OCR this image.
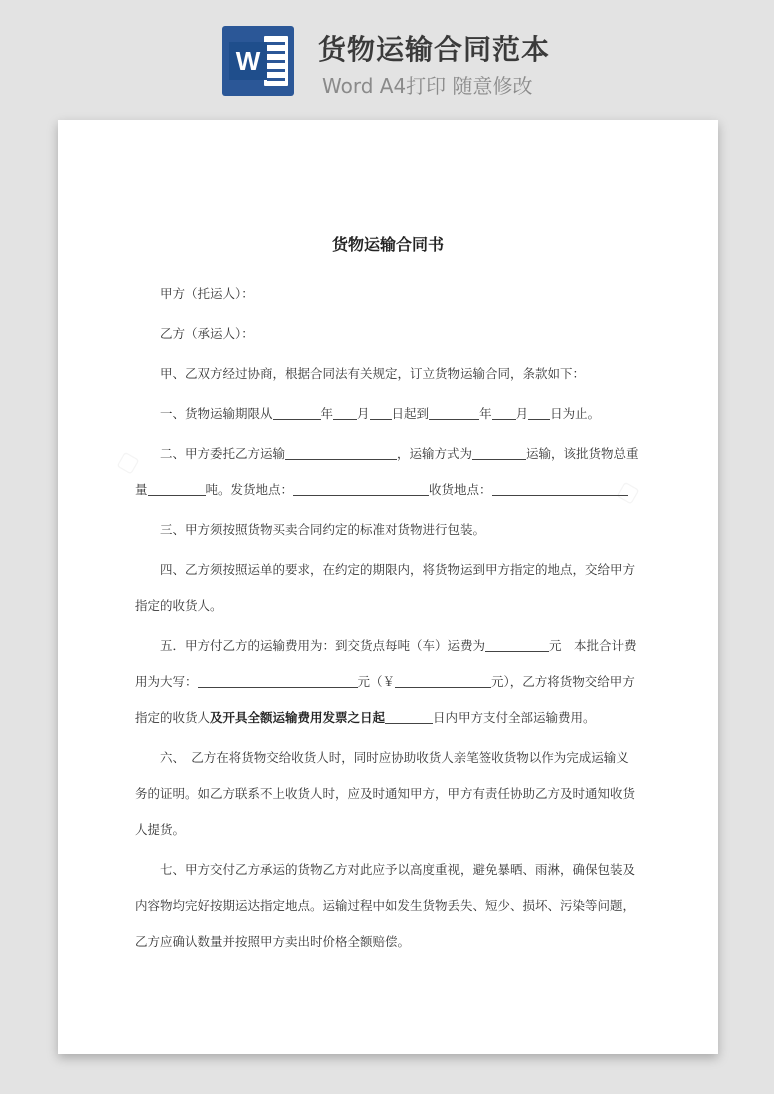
W 货物运输合同范本
Word A4打印 随意修改
▢
▢
货物运输合同书

甲方（托运人）：

乙方（承运人）：

甲、乙双方经过协商，根据合同法有关规定，订立货物运输合同，条款如下：

一、货物运输期限从	年 月 日起到	年 月 日为止。

二、甲方委托乙方运输	，运输方式为	运输，该批货物总重量	吨。发货地点：	收货地点：

三、甲方须按照货物买卖合同约定的标准对货物进行包装。

四、乙方须按照运单的要求，在约定的期限内，将货物运到甲方指定的地点，交给甲方指定的收货人。

五．甲方付乙方的运输费用为：到交货点每吨（车）运费为	元　本批合计费用为大写：	元（￥	元），乙方将货物交给甲方指定的收货人及开具全额运输费用发票之日起	日内甲方支付全部运输费用。

六、　乙方在将货物交给收货人时，同时应协助收货人亲笔签收货物以作为完成运输义务的证明。如乙方联系不上收货人时，应及时通知甲方，甲方有责任协助乙方及时通知收货人提货。

七、甲方交付乙方承运的货物乙方对此应予以高度重视，避免暴晒、雨淋，确保包装及内容物均完好按期运达指定地点。运输过程中如发生货物丢失、短少、损坏、污染等问题，乙方应确认数量并按照甲方卖出时价格全额赔偿。
